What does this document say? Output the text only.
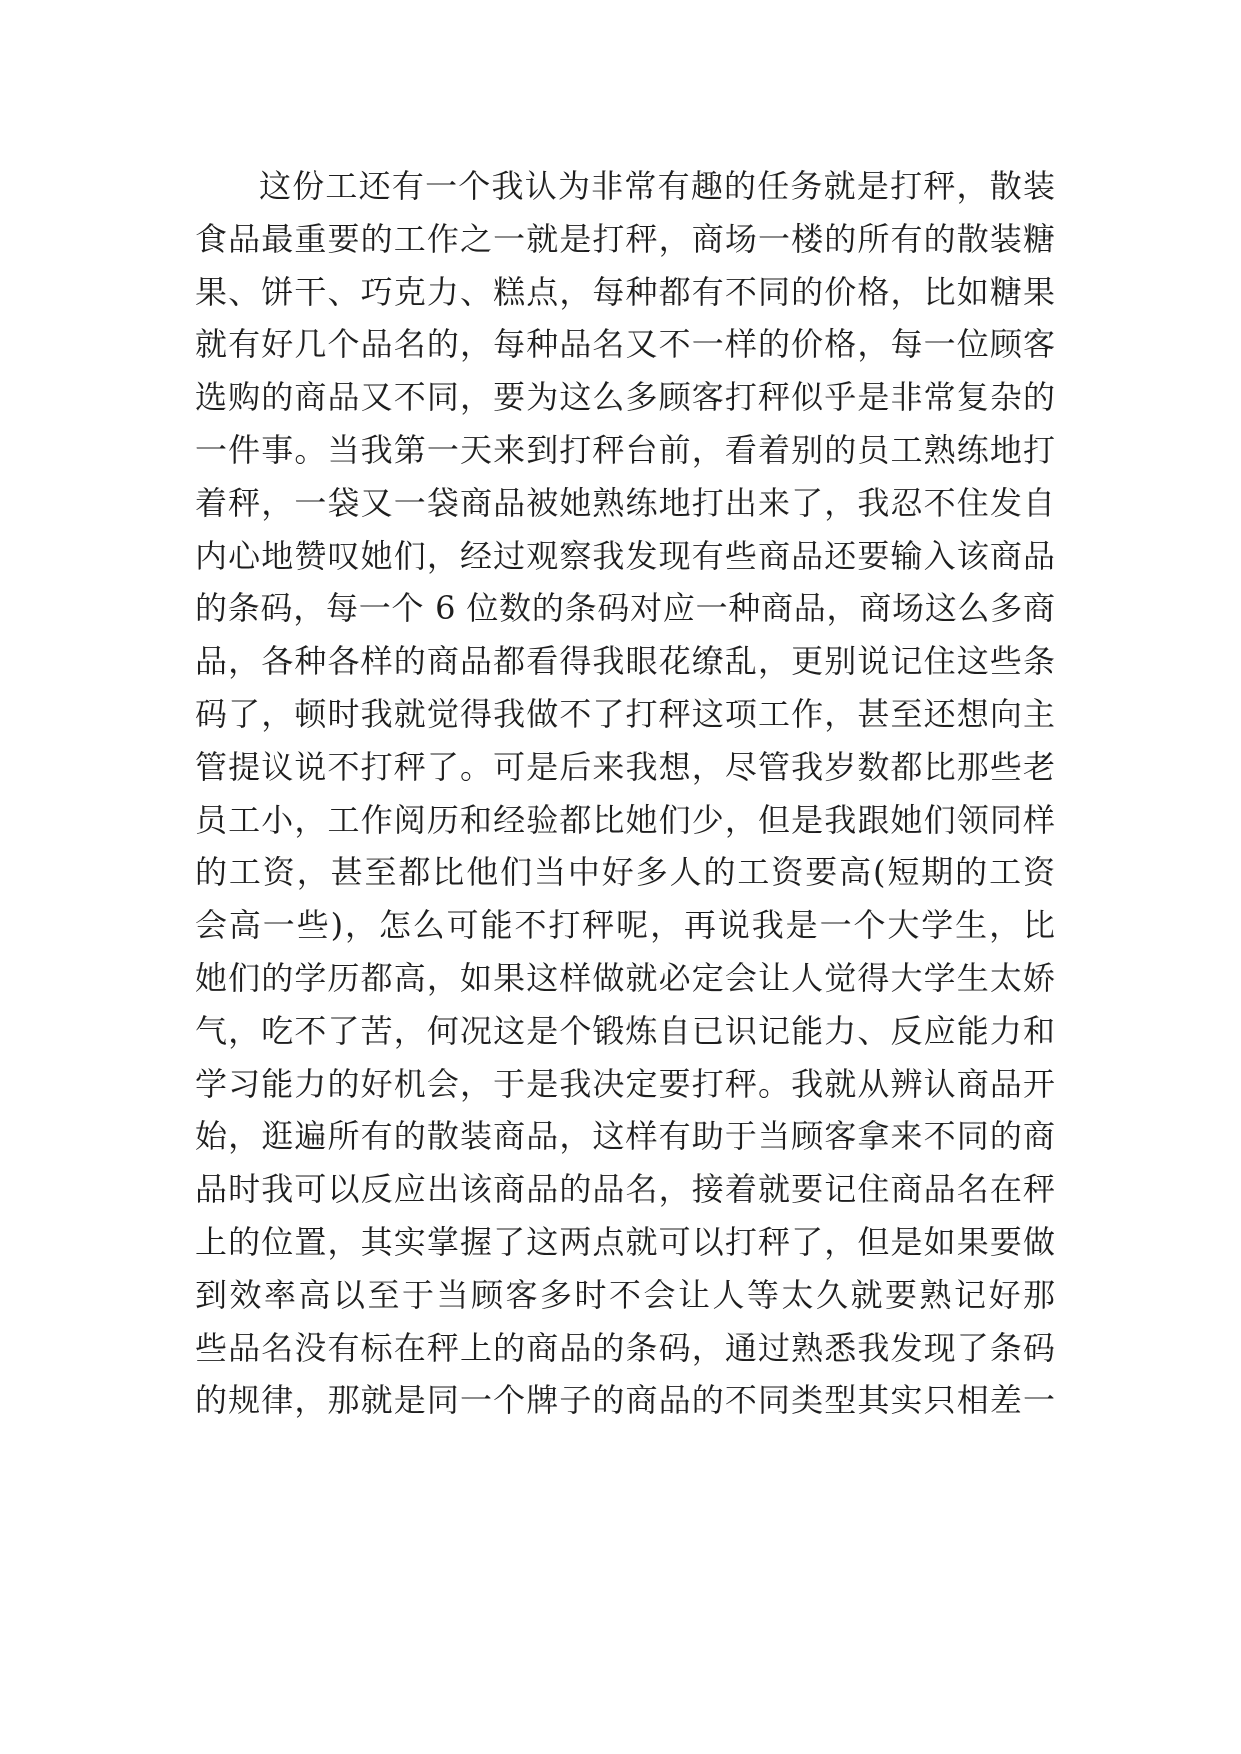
这份工还有一个我认为非常有趣的任务就是打秤，散装
食品最重要的工作之一就是打秤，商场一楼的所有的散装糖
果、饼干、巧克力、糕点，每种都有不同的价格，比如糖果
就有好几个品名的，每种品名又不一样的价格，每一位顾客
选购的商品又不同，要为这么多顾客打秤似乎是非常复杂的
一件事。当我第一天来到打秤台前，看着别的员工熟练地打
着秤，一袋又一袋商品被她熟练地打出来了，我忍不住发自
内心地赞叹她们，经过观察我发现有些商品还要输入该商品
的条码，每一个 6 位数的条码对应一种商品，商场这么多商
品，各种各样的商品都看得我眼花缭乱，更别说记住这些条
码了，顿时我就觉得我做不了打秤这项工作，甚至还想向主
管提议说不打秤了。可是后来我想，尽管我岁数都比那些老
员工小，工作阅历和经验都比她们少，但是我跟她们领同样
的工资，甚至都比他们当中好多人的工资要高(短期的工资
会高一些)，怎么可能不打秤呢，再说我是一个大学生，比
她们的学历都高，如果这样做就必定会让人觉得大学生太娇
气，吃不了苦，何况这是个锻炼自已识记能力、反应能力和
学习能力的好机会，于是我决定要打秤。我就从辨认商品开
始，逛遍所有的散装商品，这样有助于当顾客拿来不同的商
品时我可以反应出该商品的品名，接着就要记住商品名在秤
上的位置，其实掌握了这两点就可以打秤了，但是如果要做
到效率高以至于当顾客多时不会让人等太久就要熟记好那
些品名没有标在秤上的商品的条码，通过熟悉我发现了条码
的规律，那就是同一个牌子的商品的不同类型其实只相差一
